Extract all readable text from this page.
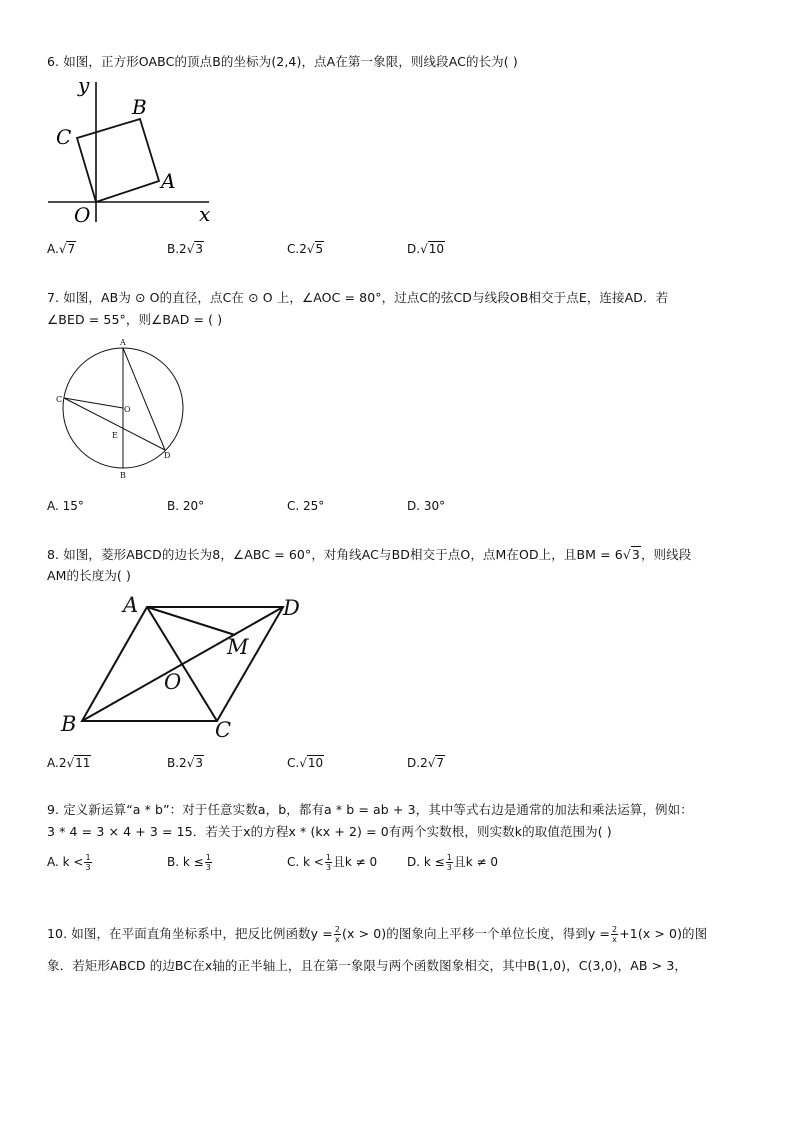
6. 如图，正方形OABC的顶点B的坐标为(2,4)，点A在第一象限，则线段AC的长为( )
y
x
O
A
B
C
A.√7	B.2√3	C.2√5	D.√10
7. 如图，AB为 ⊙ O的直径，点C在 ⊙ O 上，∠AOC = 80°，过点C的弦CD与线段OB相交于点E，连接AD．若
∠BED = 55°，则∠BAD = ( )
A
B
C
D
O
E
A. 15°	B. 20°	C. 25°	D. 30°
8. 如图，菱形ABCD的边长为8，∠ABC = 60°，对角线AC与BD相交于点O，点M在OD上，且BM = 6√3，则线段
AM的长度为( )
A	D
M
O
B	C
A.2√11	B.2√3	C.√10	D.2√7
9. 定义新运算“a * b”：对于任意实数a，b，都有a * b = ab + 3，其中等式右边是通常的加法和乘法运算，例如：
3 * 4 = 3 × 4 + 3 = 15．若关于x的方程x * (kx + 2) = 0有两个实数根，则实数k的取值范围为( )
A. $k < \frac{1}{3}$	B. $k \le \frac{1}{3}$	C. $k < \frac{1}{3}$ 且k ≠ 0 D. $k \le \frac{1}{3}$ 且k ≠ 0
10. 如图，在平面直角坐标系中，把反比例函数$y = \frac{2}{x} (x > 0)$的图象向上平移一个单位长度，得到$y = \frac{2}{x} +1(x > 0)$的图
象．若矩形ABCD 的边BC在x轴的正半轴上，且在第一象限与两个函数图象相交，其中B(1,0)，C(3,0)，AB > 3，
